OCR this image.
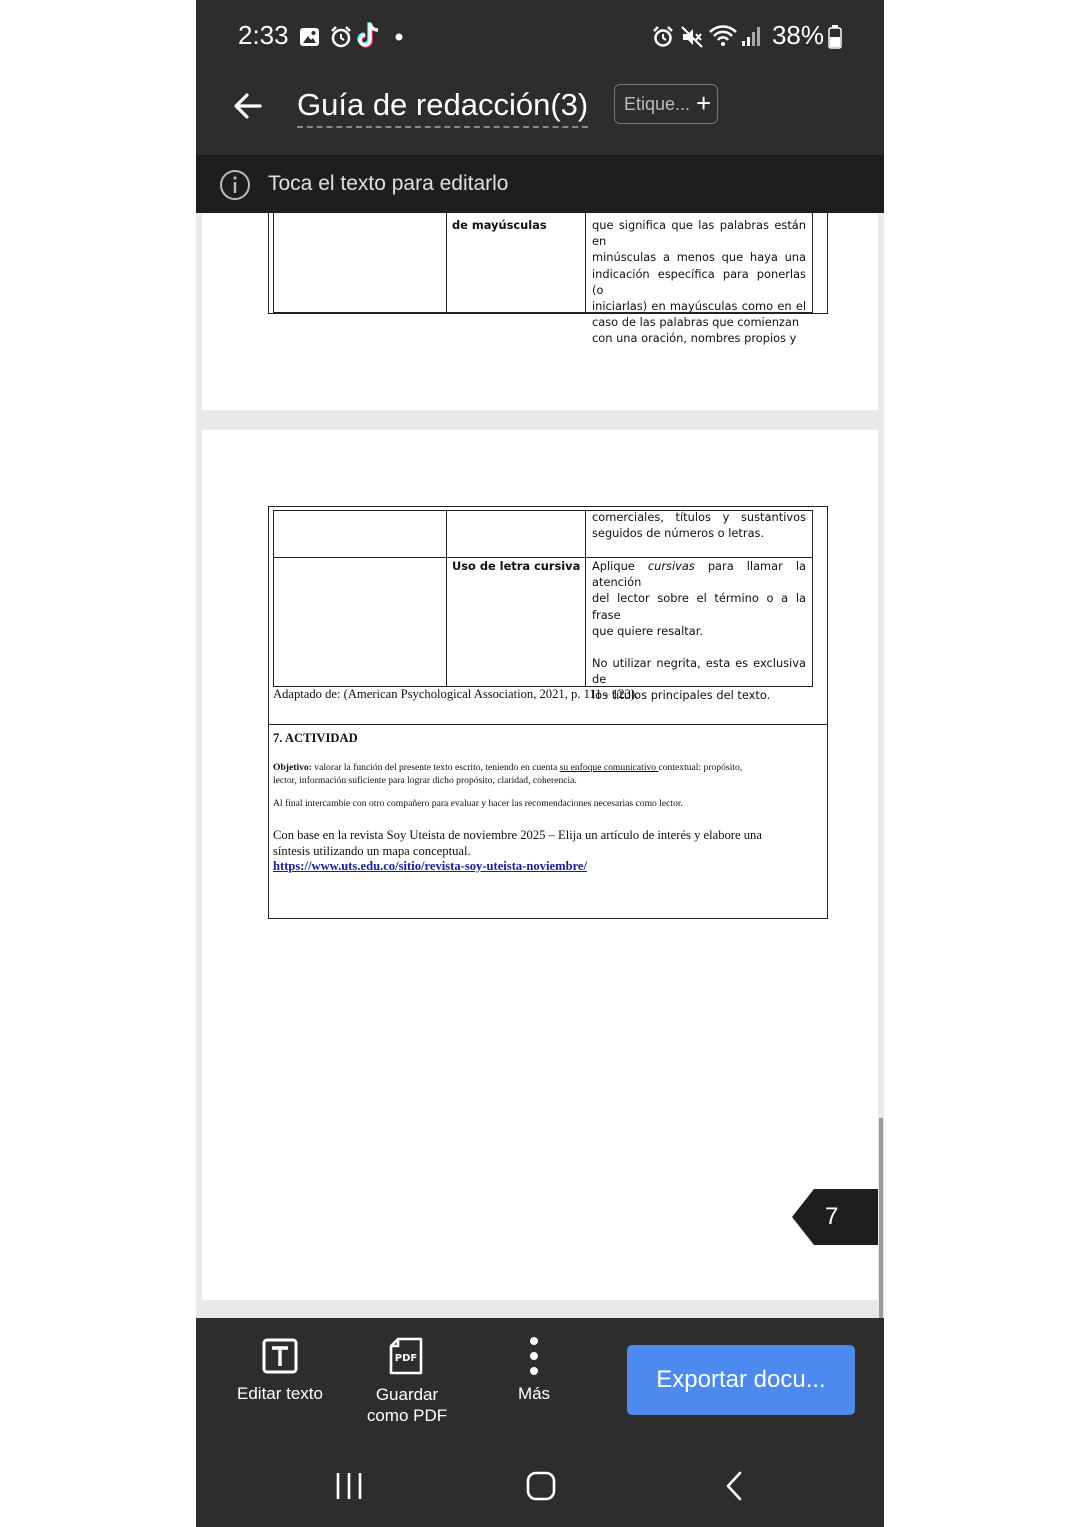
2:33	38%
Guía de redacción(3) Etique... +
Toca el texto para editarlo
de mayúsculas	que significa que las palabras están en
minúsculas a menos que haya una
indicación específica para ponerlas (o
iniciarlas) en mayúsculas como en el
caso de las palabras que comienzan
con una oración, nombres propios y
comerciales, títulos y sustantivos
seguidos de números o letras.
Uso de letra cursiva Aplique cursivas para llamar la atención
del lector sobre el término o a la frase
que quiere resaltar.
No utilizar negrita, esta es exclusiva de
los títulos principales del texto.
Adaptado de: (American Psychological Association, 2021, p. 111 - 123).
7. ACTIVIDAD
Objetivo: valorar la función del presente texto escrito, teniendo en cuenta su enfoque comunicativo contextual: propósito,
lector, información suficiente para lograr dicho propósito, claridad, coherencia.
Al final intercambie con otro compañero para evaluar y hacer las recomendaciones necesarias como lector.
Con base en la revista Soy Uteista de noviembre 2025 – Elija un artículo de interés y elabore una
síntesis utilizando un mapa conceptual.
https://www.uts.edu.co/sitio/revista-soy-uteista-noviembre/
7
Editar texto
PDF
Guardar
como PDF
Más
Exportar docu...
